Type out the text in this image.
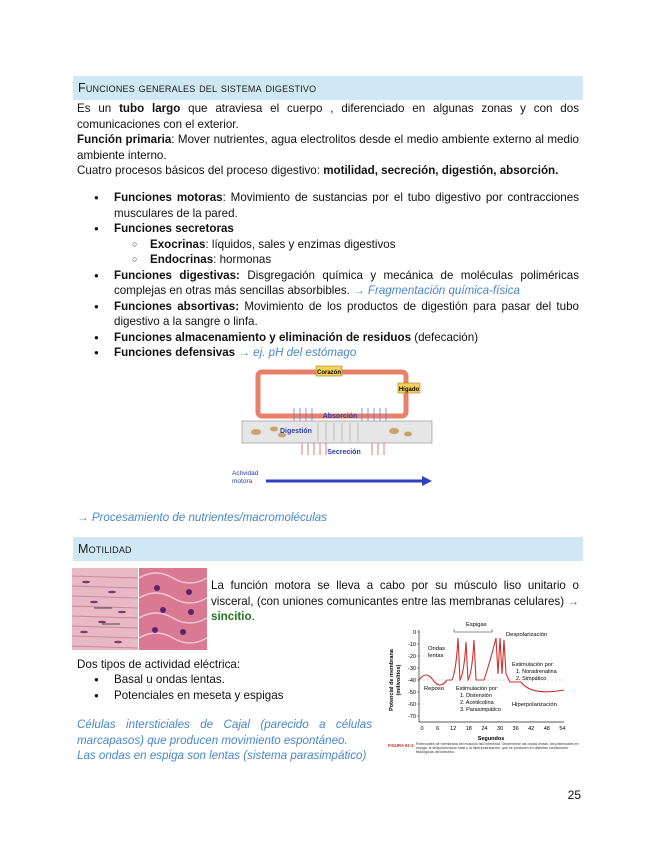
Funciones generales del sistema digestivo

Es un tubo largo que atraviesa el cuerpo , diferenciado en algunas zonas y con dos comunicaciones con el exterior.

Función primaria: Mover nutrientes, agua electrolitos desde el medio ambiente externo al medio ambiente interno.

Cuatro procesos básicos del proceso digestivo: motilidad, secreción, digestión, absorción.

● Funciones motoras: Movimiento de sustancias por el tubo digestivo por contracciones musculares de la pared.
● Funciones secretoras
○ Exocrinas: líquidos, sales y enzimas digestivos
○ Endocrinas: hormonas
● Funciones digestivas: Disgregación química y mecánica de moléculas poliméricas complejas en otras más sencillas absorbibles. → Fragmentación química-física
● Funciones absortivas: Movimiento de los productos de digestión para pasar del tubo digestivo a la sangre o linfa.
● Funciones almacenamiento y eliminación de residuos (defecación)
● Funciones defensivas → ej. pH del estómago
Corazón
Hígado
Absorción
Digestión
Secreción
Actividad
motora

→ Procesamiento de nutrientes/macromoléculas

Motilidad

La función motora se lleva a cabo por su músculo liso unitario o visceral, (con uniones comunicantes entre las membranas celulares) → sincitio.

Dos tipos de actividad eléctrica:

● Basal u ondas lentas.
● Potenciales en meseta y espigas

Células intersticiales de Cajal (parecido a células marcapasos) que producen movimiento espontáneo.

Las ondas en espiga son lentas (sistema parasimpático)

Potencial de membrana (milivoltios)
0
-10
-20
-30
-40
-50
-60
-70
0 6 12 18 24 30 36 42 48 54
Segundos
Espigas
Despolarización
Ondas
lentas
Estimulación por:
1. Noradrenalina
2. Simpático
Reposo Estimulación por:
1. Distensión
2. Acetilcolina
3. Parasimpático
Hiperpolarización
FIGURA 62-3 Potenciales de membrana del músculo liso intestinal. Obsérvense las ondas lentas, los potenciales en espiga, la despolarización total y la hiperpolarización, que se producen en distintas condiciones fisiológicas del intestino.
25
